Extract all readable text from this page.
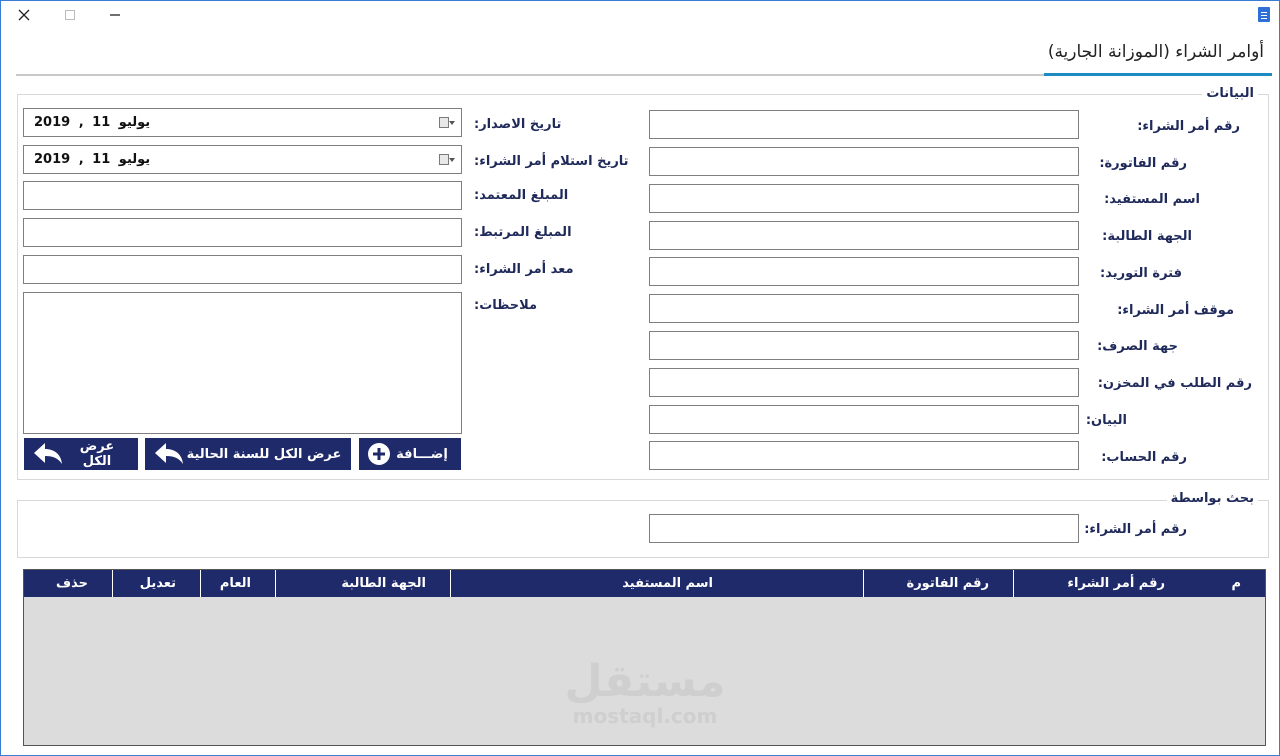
أوامر الشراء (الموزانة الجارية)
البيانات
رقم أمر الشراء:
رقم الفاتورة:
اسم المستفيد:
الجهة الطالبة:
فترة التوريد:
موقف أمر الشراء:
جهة الصرف:
رقم الطلب في المخزن:
البيان:
رقم الحساب:
تاريخ الاصدار:
تاريخ استلام أمر الشراء:
المبلغ المعتمد:
المبلغ المرتبط:
معد أمر الشراء:
ملاحظات:
2019 , يوليو 11
2019 , يوليو 11
إضـــافة
عرض الكل للسنة الحالية
عرض الكل
بحث بواسطة
رقم أمر الشراء:
م
رقم أمر الشراء
رقم الفاتورة
اسم المستفيد
الجهة الطالبة
العام
تعديل
حذف
مستقل
mostaql.com
